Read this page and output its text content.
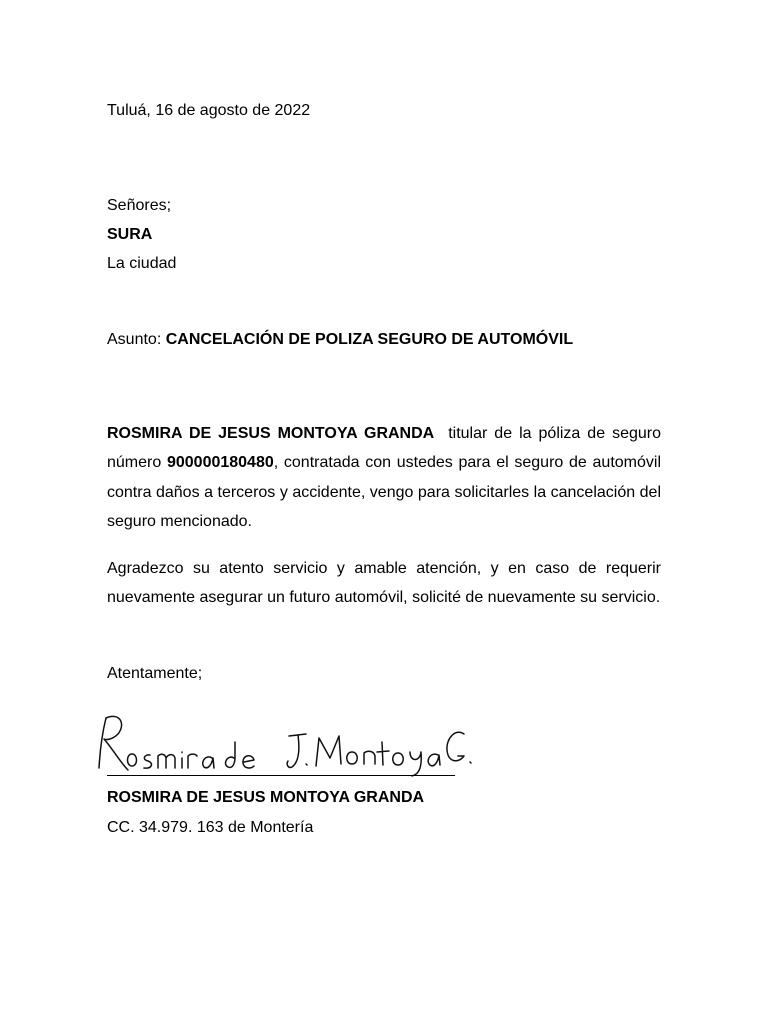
Tuluá, 16 de agosto de 2022
Señores;
SURA
La ciudad
Asunto: CANCELACIÓN DE POLIZA SEGURO DE AUTOMÓVIL
ROSMIRA DE JESUS MONTOYA GRANDA  titular de la póliza de seguro número 900000180480, contratada con ustedes para el seguro de automóvil contra daños a terceros y accidente, vengo para solicitarles la cancelación del seguro mencionado.
Agradezco su atento servicio y amable atención, y en caso de requerir nuevamente asegurar un futuro automóvil, solicité de nuevamente su servicio.
Atentamente;
ROSMIRA DE JESUS MONTOYA GRANDA
CC. 34.979. 163 de Montería
